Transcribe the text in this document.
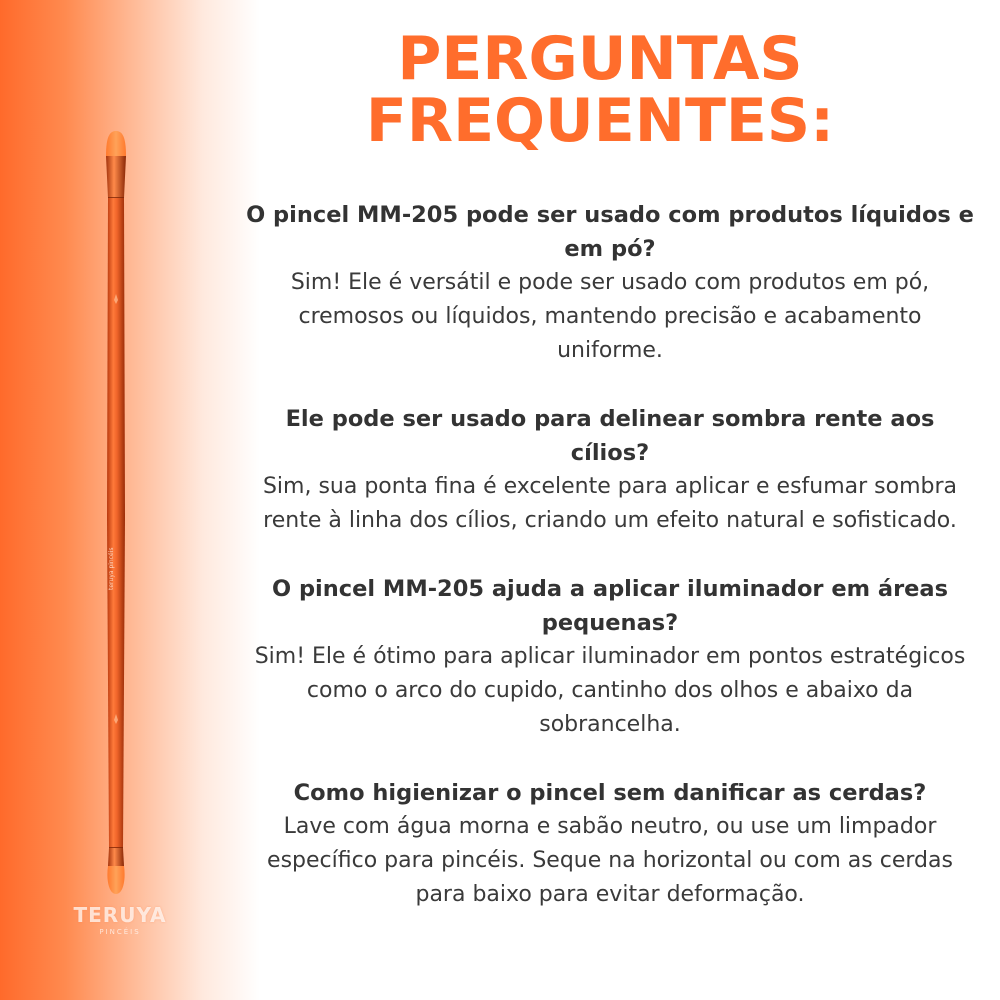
teruya pincéis
TERUYA
PINCÉIS
PERGUNTAS
FREQUENTES:

O pincel MM-205 pode ser usado com produtos líquidos e em pó?

Sim! Ele é versátil e pode ser usado com produtos em pó, cremosos ou líquidos, mantendo precisão e acabamento uniforme.

Ele pode ser usado para delinear sombra rente aos cílios?

Sim, sua ponta fina é excelente para aplicar e esfumar sombra rente à linha dos cílios, criando um efeito natural e sofisticado.

O pincel MM-205 ajuda a aplicar iluminador em áreas pequenas?

Sim! Ele é ótimo para aplicar iluminador em pontos estratégicos como o arco do cupido, cantinho dos olhos e abaixo da sobrancelha.

Como higienizar o pincel sem danificar as cerdas?

Lave com água morna e sabão neutro, ou use um limpador específico para pincéis. Seque na horizontal ou com as cerdas para baixo para evitar deformação.
